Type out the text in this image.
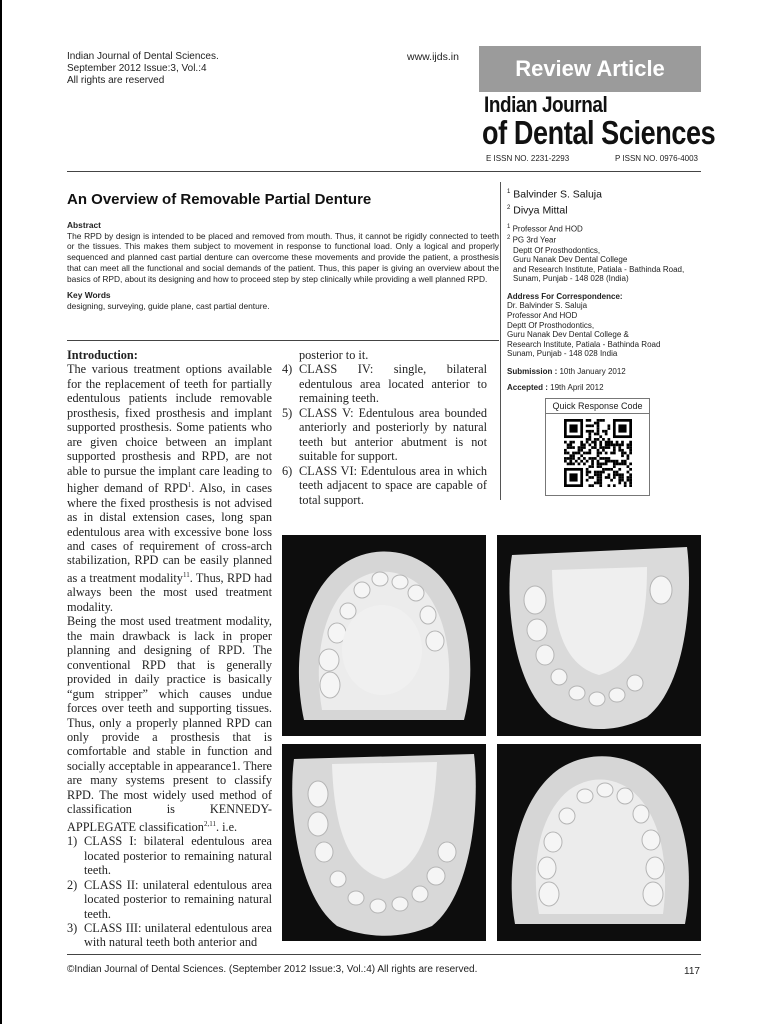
Indian Journal of Dental Sciences.
September 2012 Issue:3, Vol.:4
All rights are reserved
www.ijds.in	Review Article
Indian Journal
of Dental Sciences
E ISSN NO. 2231-2293	P ISSN NO. 0976-4003
An Overview of Removable Partial Denture
Abstract
The RPD by design is intended to be placed and removed from mouth. Thus, it cannot be rigidly connected to teeth or the tissues. This makes them subject to movement in response to functional load. Only a logical and properly sequenced and planned cast partial denture can overcome these movements and provide the patient, a prosthesis that can meet all the functional and social demands of the patient. Thus, this paper is giving an overview about the basics of RPD, about its designing and how to proceed step by step clinically while providing a well planned RPD.
Key Words
designing, surveying, guide plane, cast partial denture.
$^1$ Balvinder S. Saluja
$^2$ Divya Mittal
$^1$ Professor And HOD
$^2$ PG 3rd Year
Deptt Of Prosthodontics,
Guru Nanak Dev Dental College
and Research Institute, Patiala - Bathinda Road,
Sunam, Punjab - 148 028 (India)
Address For Correspondence:
Dr. Balvinder S. Saluja
Professor And HOD
Deptt Of Prosthodontics,
Guru Nanak Dev Dental College &
Research Institute, Patiala - Bathinda Road
Sunam, Punjab - 148 028 India
Submission : 10th January 2012
Accepted : 19th April 2012
Quick Response Code
Introduction:
The various treatment options available for the replacement of teeth for partially edentulous patients include removable prosthesis, fixed prosthesis and implant supported prosthesis. Some patients who are given choice between an implant supported prosthesis and RPD, are not able to pursue the implant care leading to higher demand of RPD$^1$. Also, in cases where the fixed prosthesis is not advised as in distal extension cases, long span edentulous area with excessive bone loss and cases of requirement of cross-arch stabilization, RPD can be easily planned as a treatment modality$^{11}$. Thus, RPD had always been the most used treatment modality.
Being the most used treatment modality, the main drawback is lack in proper planning and designing of RPD. The conventional RPD that is generally provided in daily practice is basically “gum stripper” which causes undue forces over teeth and supporting tissues. Thus, only a properly planned RPD can only provide a prosthesis that is comfortable and stable in function and socially acceptable in appearance1. There are many systems present to classify RPD. The most widely used method of classification is KENNEDY-APPLEGATE classification$^{2,11}$. i.e.
1) CLASS I: bilateral edentulous area located posterior to remaining natural teeth.
2) CLASS II: unilateral edentulous area located posterior to remaining natural teeth.
3) CLASS III: unilateral edentulous area with natural teeth both anterior and
posterior to it.
4) CLASS IV: single, bilateral edentulous area located anterior to remaining teeth.
5) CLASS V: Edentulous area bounded anteriorly and posteriorly by natural teeth but anterior abutment is not suitable for support.
6) CLASS VI: Edentulous area in which teeth adjacent to space are capable of total support.
©Indian Journal of Dental Sciences. (September 2012 Issue:3, Vol.:4) All rights are reserved.	117
